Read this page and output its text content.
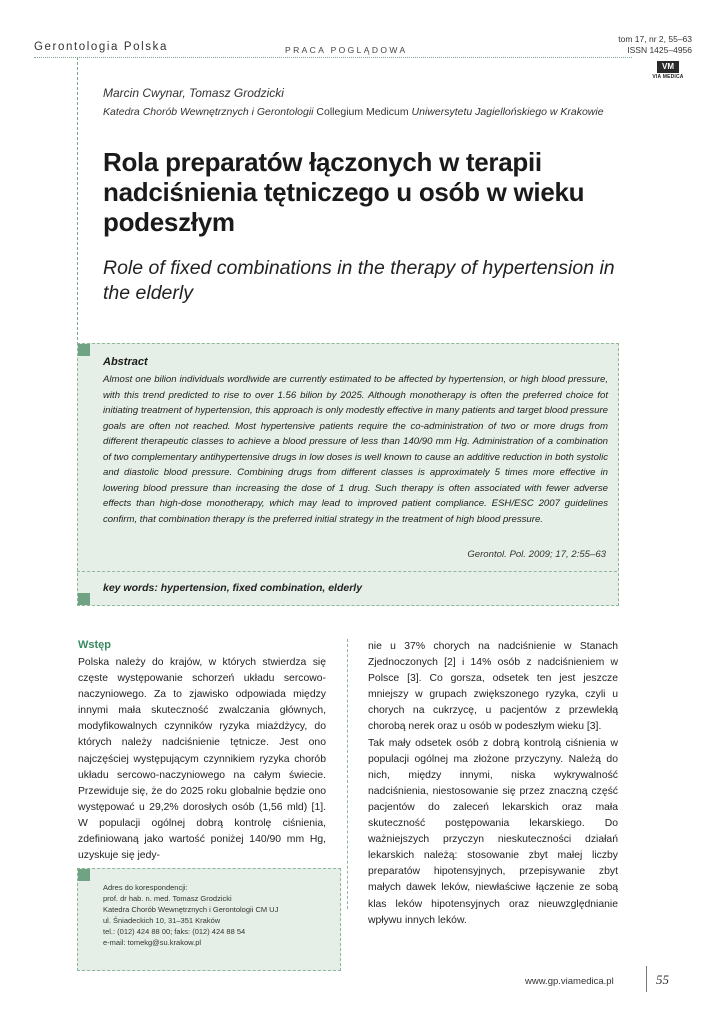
Gerontologia Polska	PRACA POGLĄDOWA
tom 17, nr 2, 55–63
ISSN 1425–4956
VM
VIA MEDICA
Marcin Cwynar, Tomasz Grodzicki
Katedra Chorób Wewnętrznych i Gerontologii Collegium Medicum Uniwersytetu Jagiellońskiego w Krakowie
Rola preparatów łączonych w terapii nadciśnienia tętniczego u osób w wieku podeszłym
Role of fixed combinations in the therapy of hypertension in the elderly
Abstract
Almost one bilion individuals wordlwide are currently estimated to be affected by hypertension, or high blood pressure, with this trend predicted to rise to over 1.56 bilion by 2025. Although monotherapy is often the preferred choice fot initiating treatment of hypertension, this approach is only modestly effective in many patients and target blood pressure goals are often not reached. Most hypertensive patients require the co-administration of two or more drugs from different therapeutic classes to achieve a blood pressure of less than 140/90 mm Hg. Administration of a combination of two complementary antihypertensive drugs in low doses is well known to cause an additive reduction in both systolic and diastolic blood pressure. Combining drugs from different classes is approximately 5 times more effective in lowering blood pressure than increasing the dose of 1 drug. Such therapy is often associated with fewer adverse effects than high-dose monotherapy, which may lead to improved patient compliance. ESH/ESC 2007 guidelines confirm, that combination therapy is the preferred initial strategy in the treatment of high blood pressure.
Gerontol. Pol. 2009; 17, 2:55–63
key words: hypertension, fixed combination, elderly
Wstęp
Polska należy do krajów, w których stwierdza się częste występowanie schorzeń układu sercowo-naczyniowego. Za to zjawisko odpowiada między innymi mała skuteczność zwalczania głównych, modyfikowalnych czynników ryzyka miażdżycy, do których należy nadciśnienie tętnicze. Jest ono najczęściej występującym czynnikiem ryzyka chorób układu sercowo-naczyniowego na całym świecie. Przewiduje się, że do 2025 roku globalnie będzie ono występować u 29,2% dorosłych osób (1,56 mld) [1]. W populacji ogólnej dobrą kontrolę ciśnienia, zdefiniowaną jako wartość poniżej 140/90 mm Hg, uzyskuje się jedy-
nie u 37% chorych na nadciśnienie w Stanach Zjednoczonych [2] i 14% osób z nadciśnieniem w Polsce [3]. Co gorsza, odsetek ten jest jeszcze mniejszy w grupach zwiększonego ryzyka, czyli u chorych na cukrzycę, u pacjentów z przewlekłą chorobą nerek oraz u osób w podeszłym wieku [3].
Tak mały odsetek osób z dobrą kontrolą ciśnienia w populacji ogólnej ma złożone przyczyny. Należą do nich, między innymi, niska wykrywalność nadciśnienia, niestosowanie się przez znaczną część pacjentów do zaleceń lekarskich oraz mała skuteczność postępowania lekarskiego. Do ważniejszych przyczyn nieskuteczności działań lekarskich należą: stosowanie zbyt małej liczby preparatów hipotensyjnych, przepisywanie zbyt małych dawek leków, niewłaściwe łączenie ze sobą klas leków hipotensyjnych oraz nieuwzględnianie wpływu innych leków.
Adres do korespondencji:
prof. dr hab. n. med. Tomasz Grodzicki
Katedra Chorób Wewnętrznych i Gerontologii CM UJ
ul. Śniadeckich 10, 31–351 Kraków
tel.: (012) 424 88 00; faks: (012) 424 88 54
e-mail: tomekg@su.krakow.pl
www.gp.viamedica.pl	55
